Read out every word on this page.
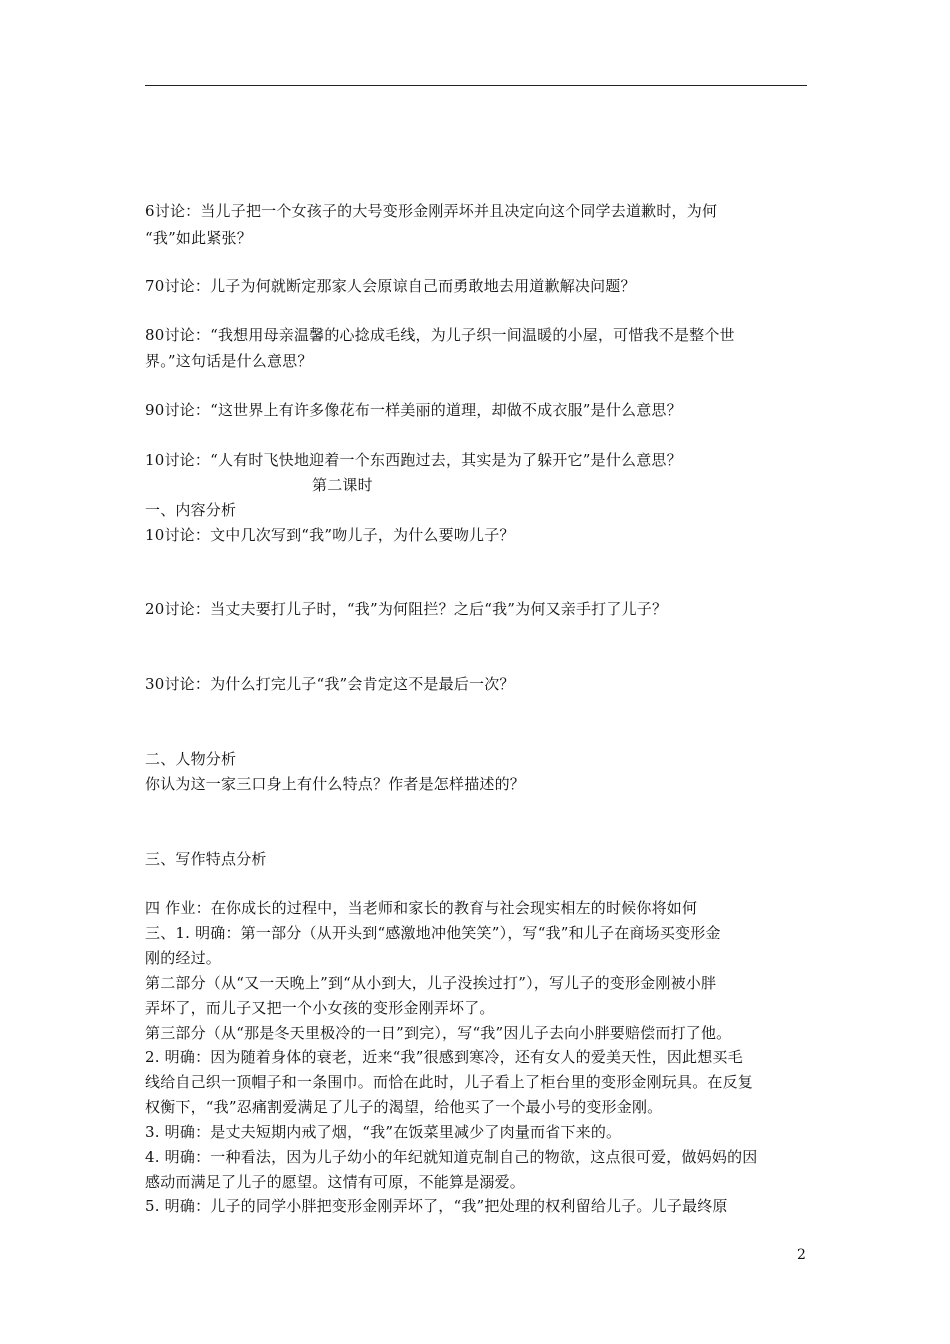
6讨论：当儿子把一个女孩子的大号变形金刚弄坏并且决定向这个同学去道歉时，为何
“我”如此紧张？
70讨论：儿子为何就断定那家人会原谅自己而勇敢地去用道歉解决问题？
80讨论：“我想用母亲温馨的心捻成毛线，为儿子织一间温暖的小屋，可惜我不是整个世
界。”这句话是什么意思？
90讨论：“这世界上有许多像花布一样美丽的道理，却做不成衣服”是什么意思？
10讨论：“人有时飞快地迎着一个东西跑过去，其实是为了躲开它”是什么意思？
第二课时
一、内容分析
10讨论：文中几次写到“我”吻儿子，为什么要吻儿子？
20讨论：当丈夫要打儿子时，“我”为何阻拦？之后“我”为何又亲手打了儿子？
30讨论：为什么打完儿子“我”会肯定这不是最后一次？
二、人物分析
你认为这一家三口身上有什么特点？作者是怎样描述的？
三、写作特点分析
四 作业：在你成长的过程中，当老师和家长的教育与社会现实相左的时候你将如何
三、1. 明确：第一部分（从开头到“感激地冲他笑笑”），写“我”和儿子在商场买变形金
刚的经过。
第二部分（从“又一天晚上”到“从小到大，儿子没挨过打”），写儿子的变形金刚被小胖
弄坏了，而儿子又把一个小女孩的变形金刚弄坏了。
第三部分（从“那是冬天里极冷的一日”到完），写“我”因儿子去向小胖要赔偿而打了他。
2. 明确：因为随着身体的衰老，近来“我”很感到寒冷，还有女人的爱美天性，因此想买毛
线给自己织一顶帽子和一条围巾。而恰在此时，儿子看上了柜台里的变形金刚玩具。在反复
权衡下，“我”忍痛割爱满足了儿子的渴望，给他买了一个最小号的变形金刚。
3. 明确：是丈夫短期内戒了烟，“我”在饭菜里减少了肉量而省下来的。
4. 明确：一种看法，因为儿子幼小的年纪就知道克制自己的物欲，这点很可爱，做妈妈的因
感动而满足了儿子的愿望。这情有可原，不能算是溺爱。
5. 明确：儿子的同学小胖把变形金刚弄坏了，“我”把处理的权利留给儿子。儿子最终原
2
